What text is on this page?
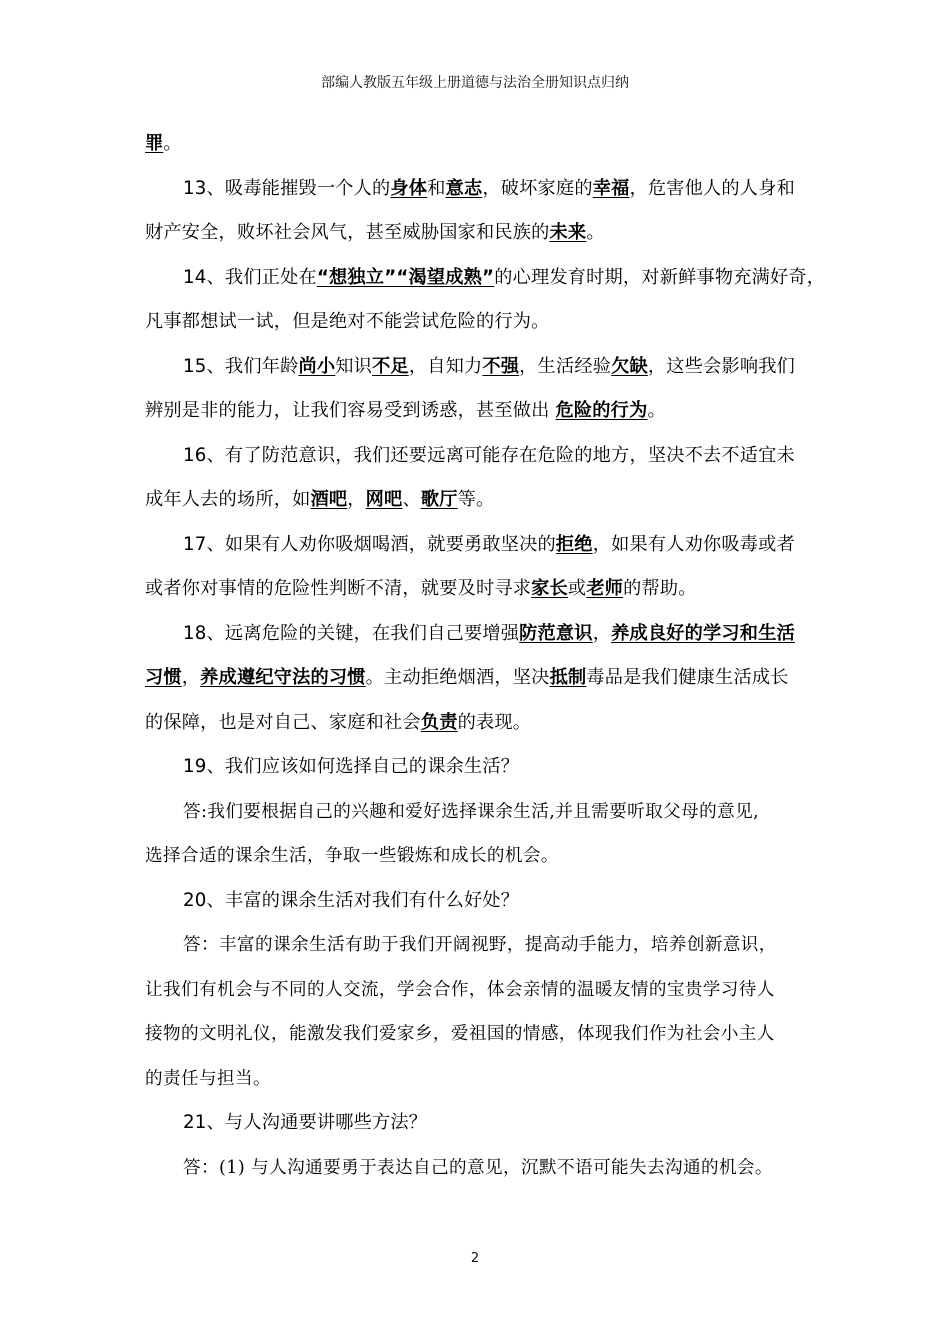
部编人教版五年级上册道德与法治全册知识点归纳
罪。
13、吸毒能摧毁一个人的身体和意志，破坏家庭的幸福，危害他人的人身和
财产安全，败坏社会风气，甚至威胁国家和民族的未来。
14、我们正处在“想独立”“渴望成熟”的心理发育时期，对新鲜事物充满好奇，
凡事都想试一试，但是绝对不能尝试危险的行为。
15、我们年龄尚小知识不足，自知力不强，生活经验欠缺，这些会影响我们
辨别是非的能力，让我们容易受到诱惑，甚至做出 危险的行为。
16、有了防范意识，我们还要远离可能存在危险的地方，坚决不去不适宜未
成年人去的场所，如酒吧，网吧、歌厅等。
17、如果有人劝你吸烟喝酒，就要勇敢坚决的拒绝，如果有人劝你吸毒或者
或者你对事情的危险性判断不清，就要及时寻求家长或老师的帮助。
18、远离危险的关键，在我们自己要增强防范意识，养成良好的学习和生活
习惯，养成遵纪守法的习惯。主动拒绝烟酒，坚决抵制毒品是我们健康生活成长
的保障，也是对自己、家庭和社会负责的表现。
19、我们应该如何选择自己的课余生活？
答:我们要根据自己的兴趣和爱好选择课余生活,并且需要听取父母的意见,
选择合适的课余生活，争取一些锻炼和成长的机会。
20、丰富的课余生活对我们有什么好处？
答：丰富的课余生活有助于我们开阔视野，提高动手能力，培养创新意识，
让我们有机会与不同的人交流，学会合作，体会亲情的温暖友情的宝贵学习待人
接物的文明礼仪，能激发我们爱家乡，爱祖国的情感，体现我们作为社会小主人
的责任与担当。
21、与人沟通要讲哪些方法？
答：(1) 与人沟通要勇于表达自己的意见，沉默不语可能失去沟通的机会。
2
